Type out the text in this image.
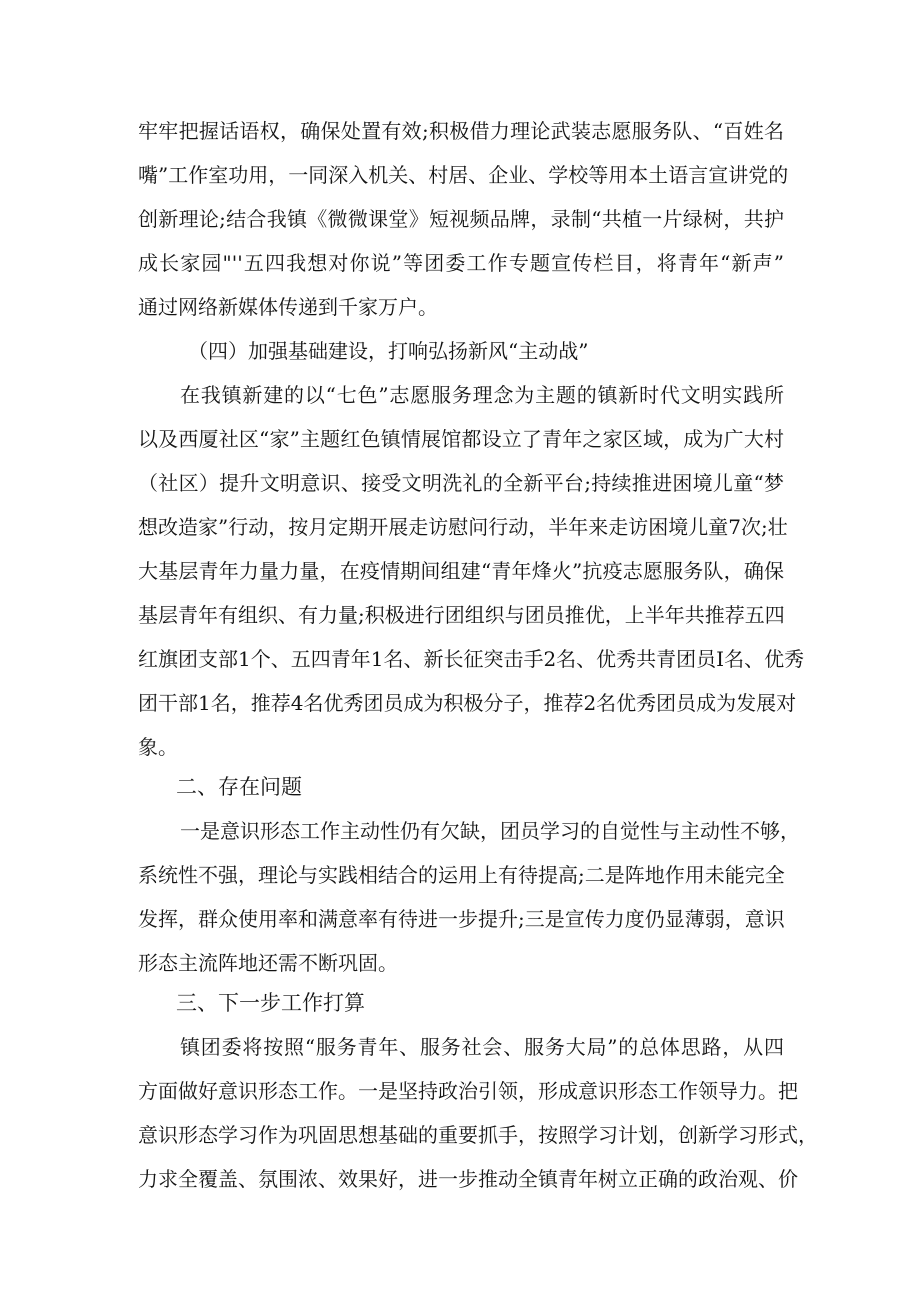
牢牢把握话语权，确保处置有效;积极借力理论武装志愿服务队、“百姓名
嘴”工作室功用，一同深入机关、村居、企业、学校等用本土语言宣讲党的
创新理论;结合我镇《微微课堂》短视频品牌，录制“共植一片绿树，共护
成长家园"''五四我想对你说”等团委工作专题宣传栏目，将青年“新声”
通过网络新媒体传递到千家万户。
（四）加强基础建设，打响弘扬新风“主动战”
在我镇新建的以“七色”志愿服务理念为主题的镇新时代文明实践所
以及西厦社区“家”主题红色镇情展馆都设立了青年之家区域，成为广大村
（社区）提升文明意识、接受文明洗礼的全新平台;持续推进困境儿童“梦
想改造家”行动，按月定期开展走访慰问行动，半年来走访困境儿童7次;壮
大基层青年力量力量，在疫情期间组建“青年烽火”抗疫志愿服务队，确保
基层青年有组织、有力量;积极进行团组织与团员推优，上半年共推荐五四
红旗团支部1个、五四青年1名、新长征突击手2名、优秀共青团员I名、优秀
团干部1名，推荐4名优秀团员成为积极分子，推荐2名优秀团员成为发展对
象。
二、存在问题
一是意识形态工作主动性仍有欠缺，团员学习的自觉性与主动性不够，
系统性不强，理论与实践相结合的运用上有待提高;二是阵地作用未能完全
发挥，群众使用率和满意率有待进一步提升;三是宣传力度仍显薄弱，意识
形态主流阵地还需不断巩固。
三、下一步工作打算
镇团委将按照“服务青年、服务社会、服务大局”的总体思路，从四
方面做好意识形态工作。一是坚持政治引领，形成意识形态工作领导力。把
意识形态学习作为巩固思想基础的重要抓手，按照学习计划，创新学习形式，
力求全覆盖、氛围浓、效果好，进一步推动全镇青年树立正确的政治观、价
